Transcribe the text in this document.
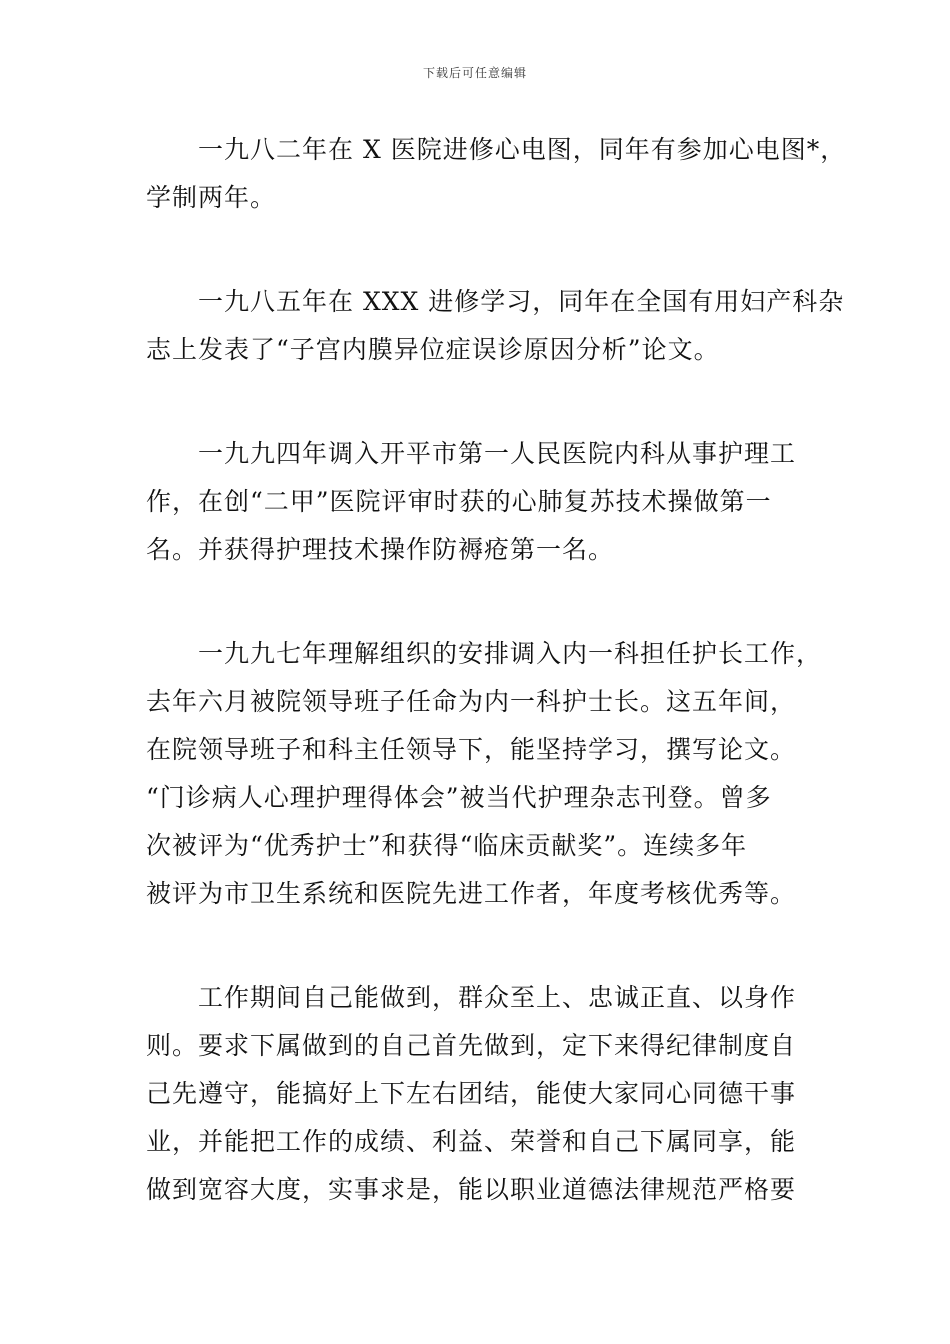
下载后可任意编辑
一九八二年在 X 医院进修心电图，同年有参加心电图*，
学制两年。
一九八五年在 XXX 进修学习，同年在全国有用妇产科杂
志上发表了“子宫内膜异位症误诊原因分析”论文。
一九九四年调入开平市第一人民医院内科从事护理工
作，在创“二甲”医院评审时获的心肺复苏技术操做第一
名。并获得护理技术操作防褥疮第一名。
一九九七年理解组织的安排调入内一科担任护长工作，
去年六月被院领导班子任命为内一科护士长。这五年间，
在院领导班子和科主任领导下，能坚持学习，撰写论文。
“门诊病人心理护理得体会”被当代护理杂志刊登。曾多
次被评为“优秀护士”和获得“临床贡献奖”。连续多年
被评为市卫生系统和医院先进工作者，年度考核优秀等。
工作期间自己能做到，群众至上、忠诚正直、以身作
则。要求下属做到的自己首先做到，定下来得纪律制度自
己先遵守，能搞好上下左右团结，能使大家同心同德干事
业，并能把工作的成绩、利益、荣誉和自己下属同享，能
做到宽容大度，实事求是，能以职业道德法律规范严格要
